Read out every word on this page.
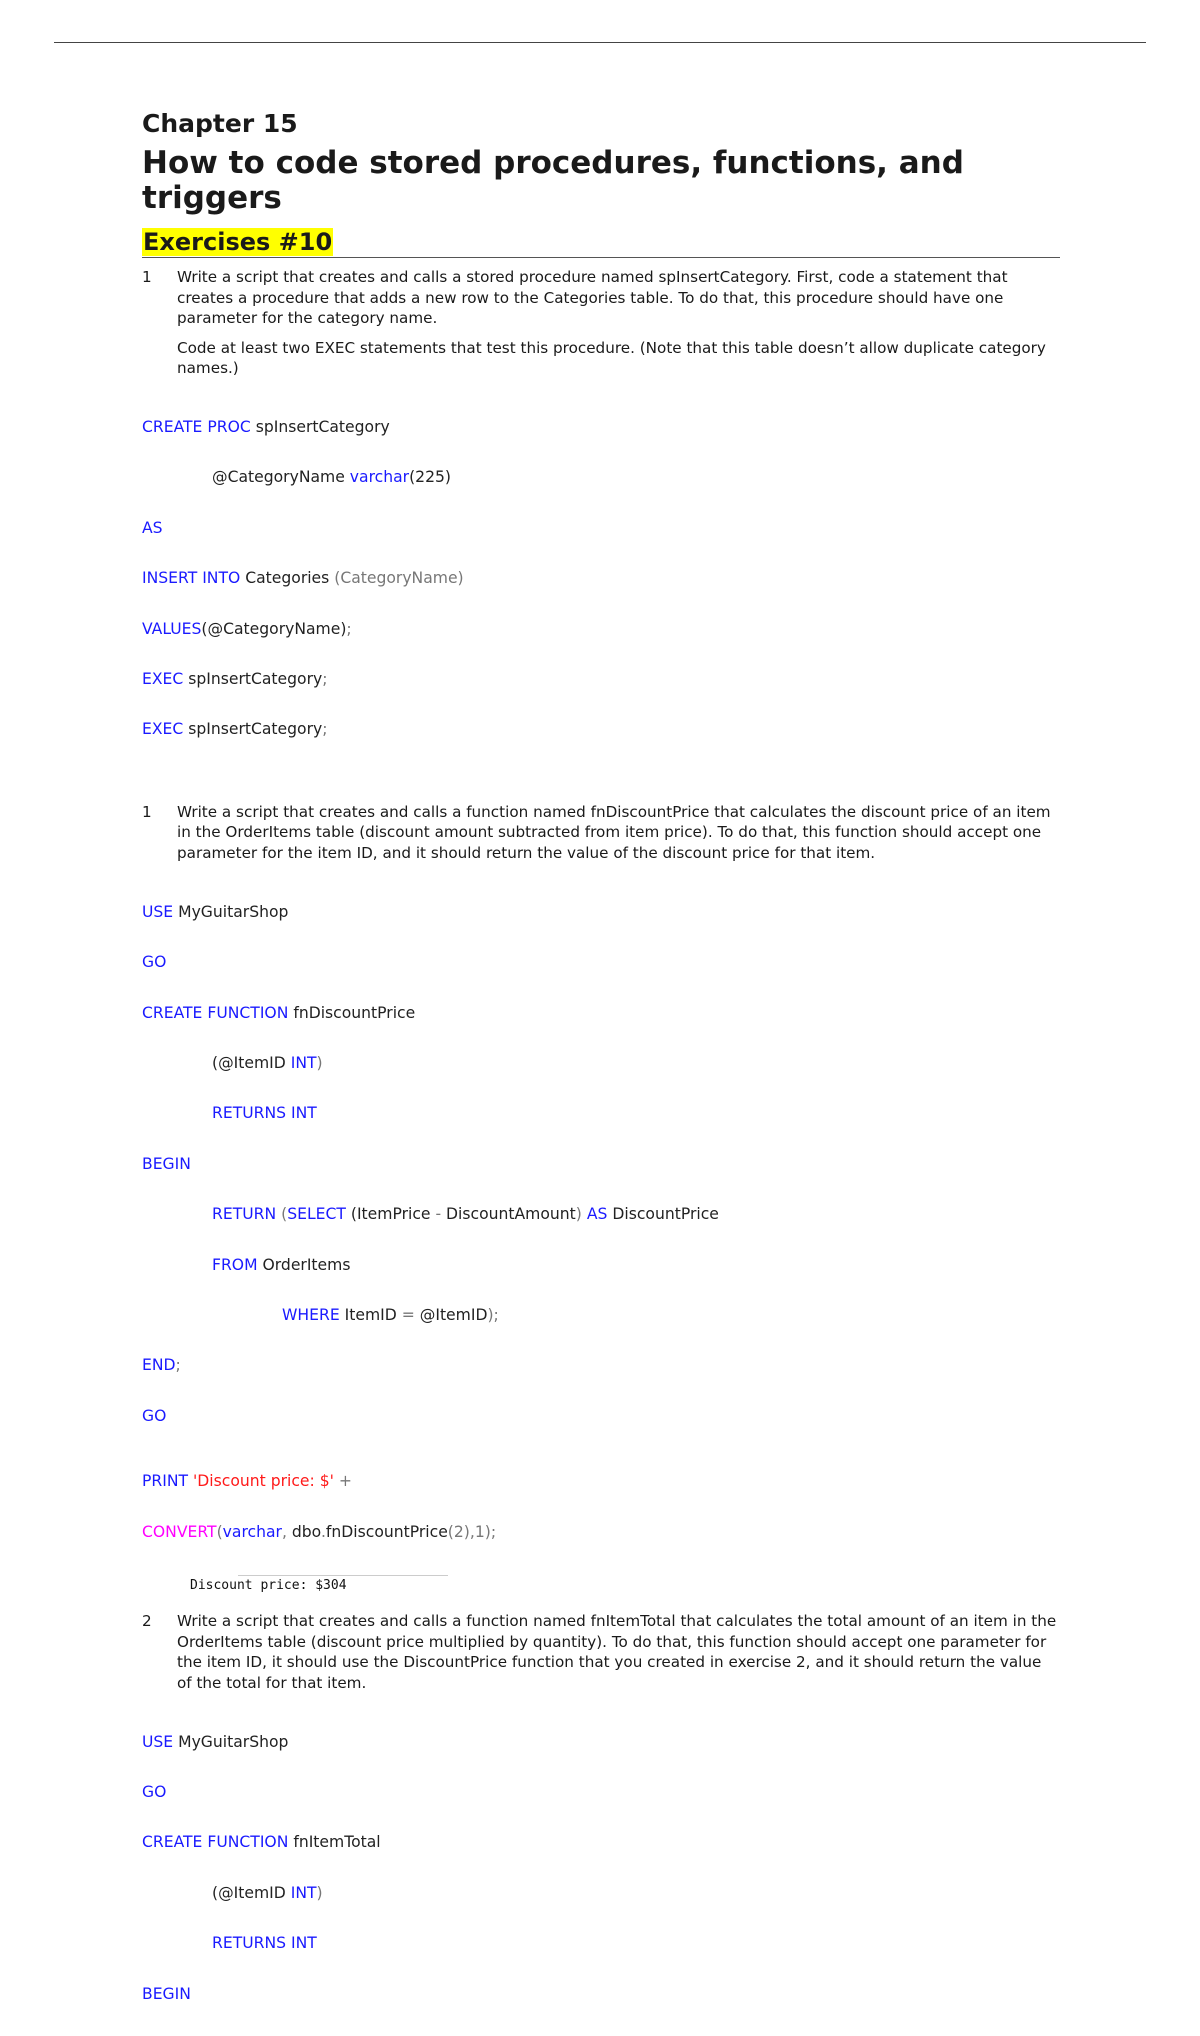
Chapter 15
How to code stored procedures, functions, and triggers
Exercises #10
1	Write a script that creates and calls a stored procedure named spInsertCategory. First, code a statement that creates a procedure that adds a new row to the Categories table. To do that, this procedure should have one parameter for the category name.
Code at least two EXEC statements that test this procedure. (Note that this table doesn’t allow duplicate category names.)

CREATE PROC spInsertCategory

@CategoryName varchar(225)

AS

INSERT INTO Categories (CategoryName)

VALUES(@CategoryName);

EXEC spInsertCategory;

EXEC spInsertCategory;

1	Write a script that creates and calls a function named fnDiscountPrice that calculates the discount price of an item in the OrderItems table (discount amount subtracted from item price). To do that, this function should accept one parameter for the item ID, and it should return the value of the discount price for that item.

USE MyGuitarShop

GO

CREATE FUNCTION fnDiscountPrice

(@ItemID INT)

RETURNS INT

BEGIN

RETURN (SELECT (ItemPrice - DiscountAmount) AS DiscountPrice

FROM OrderItems

WHERE ItemID = @ItemID);

END;

GO

PRINT 'Discount price: $' +

CONVERT(varchar, dbo.fnDiscountPrice(2),1);

Discount price: $304
2	Write a script that creates and calls a function named fnItemTotal that calculates the total amount of an item in the OrderItems table (discount price multiplied by quantity). To do that, this function should accept one parameter for the item ID, it should use the DiscountPrice function that you created in exercise 2, and it should return the value of the total for that item.

USE MyGuitarShop

GO

CREATE FUNCTION fnItemTotal

(@ItemID INT)

RETURNS INT

BEGIN
